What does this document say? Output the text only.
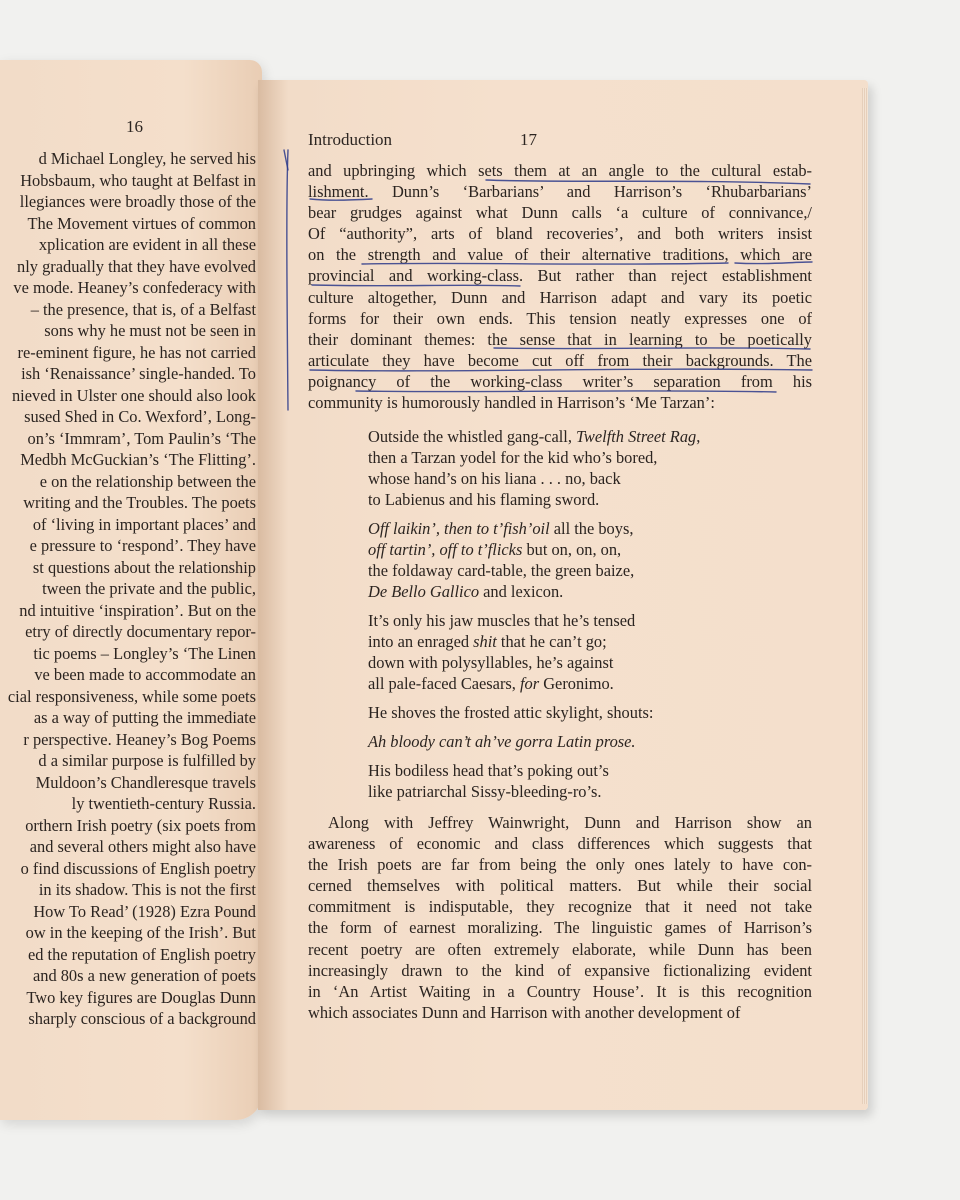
16
Introduction	17
d Michael Longley, he served his
Hobsbaum, who taught at Belfast in
llegiances were broadly those of the
The Movement virtues of common
xplication are evident in all these
nly gradually that they have evolved
ve mode. Heaney’s confederacy with
– the presence, that is, of a Belfast
sons why he must not be seen in
re-eminent figure, he has not carried
ish ‘Renaissance’ single-handed. To
nieved in Ulster one should also look
sused Shed in Co. Wexford’, Long-
on’s ‘Immram’, Tom Paulin’s ‘The
Medbh McGuckian’s ‘The Flitting’.
e on the relationship between the
writing and the Troubles. The poets
of ‘living in important places’ and
e pressure to ‘respond’. They have
st questions about the relationship
tween the private and the public,
nd intuitive ‘inspiration’. But on the
etry of directly documentary repor-
tic poems – Longley’s ‘The Linen
ve been made to accommodate an
cial responsiveness, while some poets
as a way of putting the immediate
r perspective. Heaney’s Bog Poems
d a similar purpose is fulfilled by
Muldoon’s Chandleresque travels
ly twentieth-century Russia.
orthern Irish poetry (six poets from
and several others might also have
o find discussions of English poetry
in its shadow. This is not the first
How To Read’ (1928) Ezra Pound
ow in the keeping of the Irish’. But
ed the reputation of English poetry
and 80s a new generation of poets
Two key figures are Douglas Dunn
sharply conscious of a background
and upbringing which sets them at an angle to the cultural estab-
lishment. Dunn’s ‘Barbarians’ and Harrison’s ‘Rhubarbarians’
bear grudges against what Dunn calls ‘a culture of connivance,/
Of “authority”, arts of bland recoveries’, and both writers insist
on the strength and value of their alternative traditions, which are
provincial and working-class. But rather than reject establishment
culture altogether, Dunn and Harrison adapt and vary its poetic
forms for their own ends. This tension neatly expresses one of
their dominant themes: the sense that in learning to be poetically
articulate they have become cut off from their backgrounds. The
poignancy of the working-class writer’s separation from his
community is humorously handled in Harrison’s ‘Me Tarzan’:
Outside the whistled gang-call, Twelfth Street Rag,
then a Tarzan yodel for the kid who’s bored,
whose hand’s on his liana . . . no, back
to Labienus and his flaming sword.
Off laikin’, then to t’fish’oil all the boys,
off tartin’, off to t’flicks but on, on, on,
the foldaway card-table, the green baize,
De Bello Gallico and lexicon.
It’s only his jaw muscles that he’s tensed
into an enraged shit that he can’t go;
down with polysyllables, he’s against
all pale-faced Caesars, for Geronimo.
He shoves the frosted attic skylight, shouts:
Ah bloody can’t ah’ve gorra Latin prose.
His bodiless head that’s poking out’s
like patriarchal Sissy-bleeding-ro’s.
Along with Jeffrey Wainwright, Dunn and Harrison show an
awareness of economic and class differences which suggests that
the Irish poets are far from being the only ones lately to have con-
cerned themselves with political matters. But while their social
commitment is indisputable, they recognize that it need not take
the form of earnest moralizing. The linguistic games of Harrison’s
recent poetry are often extremely elaborate, while Dunn has been
increasingly drawn to the kind of expansive fictionalizing evident
in ‘An Artist Waiting in a Country House’. It is this recognition
which associates Dunn and Harrison with another development of
